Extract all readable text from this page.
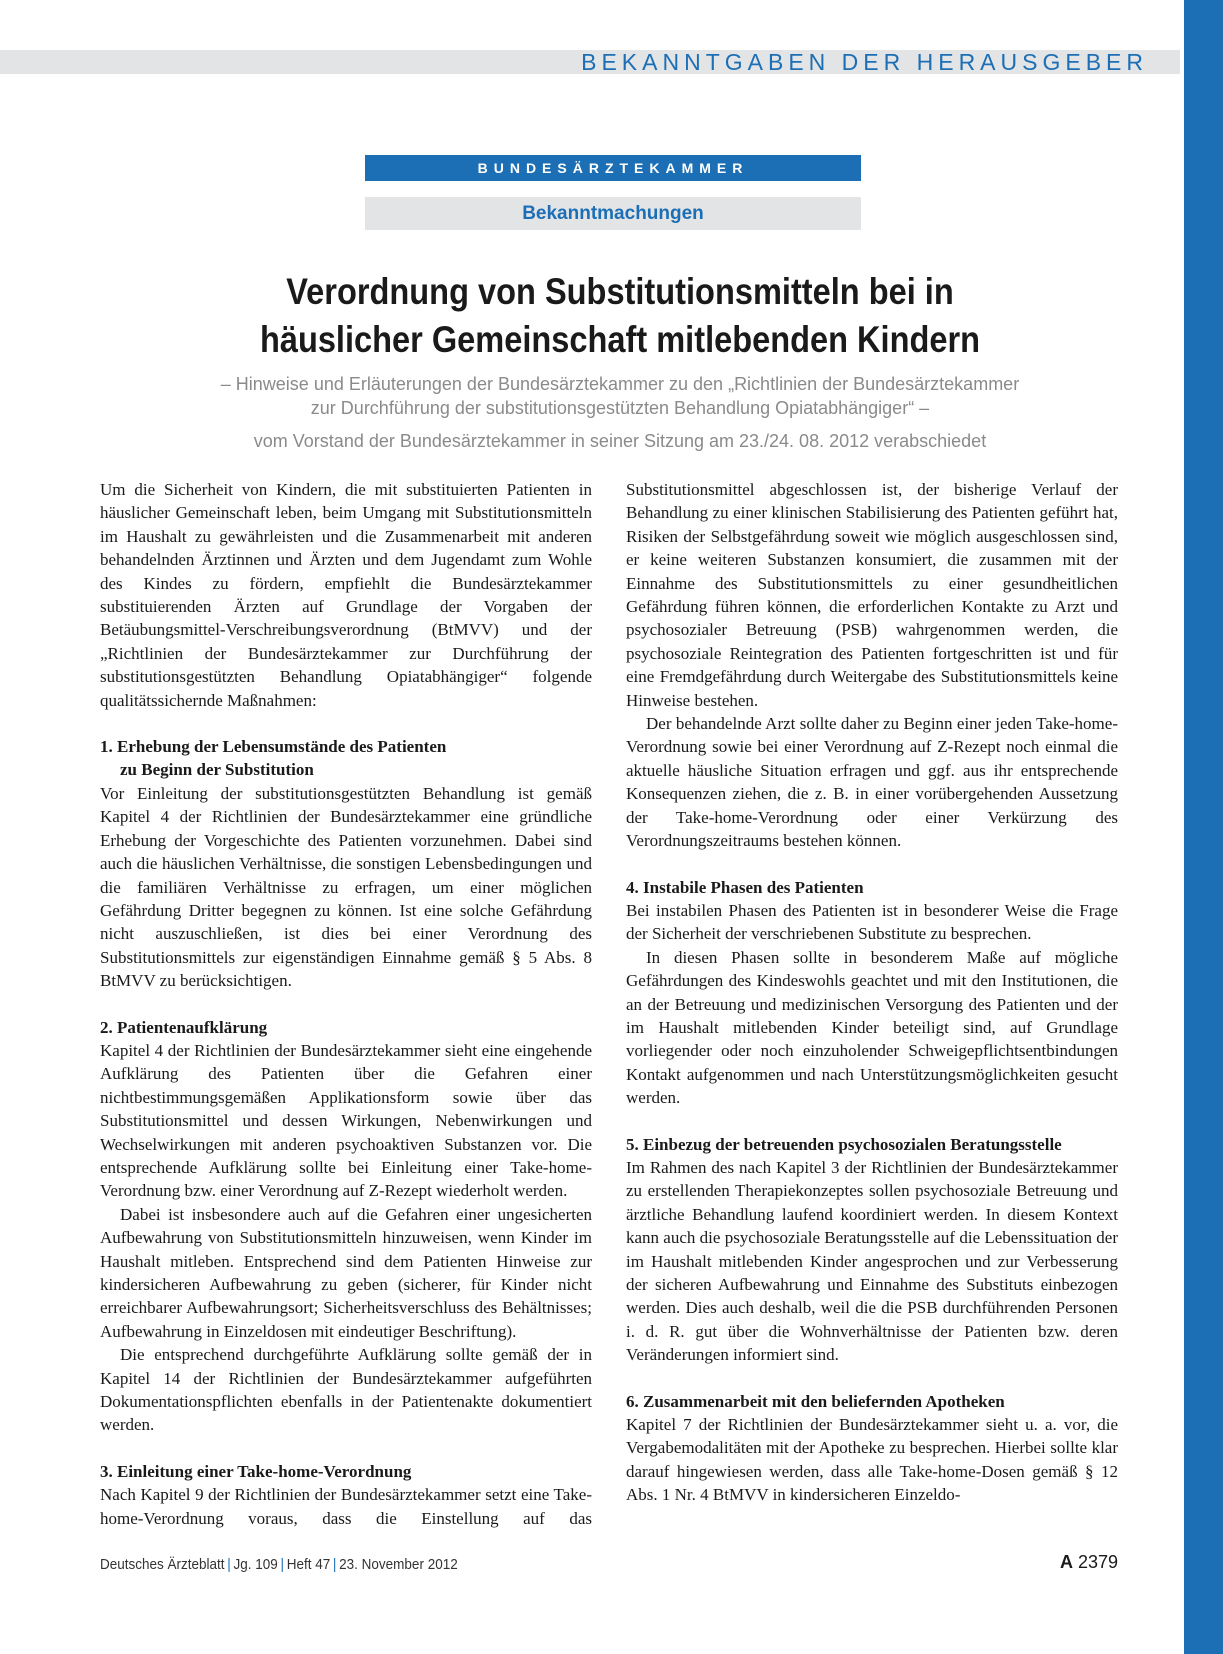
BEKANNTGABEN DER HERAUSGEBER
BUNDESÄRZTEKAMMER
Bekanntmachungen
Verordnung von Substitutionsmitteln bei in
häuslicher Gemeinschaft mitlebenden Kindern
– Hinweise und Erläuterungen der Bundesärztekammer zu den „Richtlinien der Bundesärztekammer
zur Durchführung der substitutionsgestützten Behandlung Opiatabhängiger“ –
vom Vorstand der Bundesärztekammer in seiner Sitzung am 23./24. 08. 2012 verabschiedet

Um die Sicherheit von Kindern, die mit substituierten Patienten in häuslicher Gemeinschaft leben, beim Umgang mit Substitutionsmitteln im Haushalt zu gewährleisten und die Zusammenarbeit mit anderen behandelnden Ärztinnen und Ärzten und dem Jugendamt zum Wohle des Kindes zu fördern, empfiehlt die Bundesärztekammer substituierenden Ärzten auf Grundlage der Vorgaben der Betäubungsmittel-Verschreibungsverordnung (BtMVV) und der „Richtlinien der Bundesärztekammer zur Durchführung der substitutionsgestützten Behandlung Opiatabhängiger“ folgende qualitätssichernde Maßnahmen:

1. Erhebung der Lebensumstände des Patienten
zu Beginn der Substitution

Vor Einleitung der substitutionsgestützten Behandlung ist gemäß Kapitel 4 der Richtlinien der Bundesärztekammer eine gründliche Erhebung der Vorgeschichte des Patienten vorzunehmen. Dabei sind auch die häuslichen Verhältnisse, die sonstigen Lebensbedingungen und die familiären Verhältnisse zu erfragen, um einer möglichen Gefährdung Dritter begegnen zu können. Ist eine solche Gefährdung nicht auszuschließen, ist dies bei einer Verordnung des Substitutionsmittels zur eigenständigen Einnahme gemäß § 5 Abs. 8 BtMVV zu berücksichtigen.

2. Patientenaufklärung

Kapitel 4 der Richtlinien der Bundesärztekammer sieht eine eingehende Aufklärung des Patienten über die Gefahren einer nichtbestimmungsgemäßen Applikationsform sowie über das Substitutionsmittel und dessen Wirkungen, Nebenwirkungen und Wechselwirkungen mit anderen psychoaktiven Substanzen vor. Die entsprechende Aufklärung sollte bei Einleitung einer Take-home-Verordnung bzw. einer Verordnung auf Z-Rezept wiederholt werden.

Dabei ist insbesondere auch auf die Gefahren einer ungesicherten Aufbewahrung von Substitutionsmitteln hinzuweisen, wenn Kinder im Haushalt mitleben. Entsprechend sind dem Patienten Hinweise zur kindersicheren Aufbewahrung zu geben (sicherer, für Kinder nicht erreichbarer Aufbewahrungsort; Sicherheitsverschluss des Behältnisses; Aufbewahrung in Einzeldosen mit eindeutiger Beschriftung).

Die entsprechend durchgeführte Aufklärung sollte gemäß der in Kapitel 14 der Richtlinien der Bundesärztekammer aufgeführten Dokumentationspflichten ebenfalls in der Patientenakte dokumentiert werden.

3. Einleitung einer Take-home-Verordnung

Nach Kapitel 9 der Richtlinien der Bundesärztekammer setzt eine Take-home-Verordnung voraus, dass die Einstellung auf das

Substitutionsmittel abgeschlossen ist, der bisherige Verlauf der Behandlung zu einer klinischen Stabilisierung des Patienten geführt hat, Risiken der Selbstgefährdung soweit wie möglich ausgeschlossen sind, er keine weiteren Substanzen konsumiert, die zusammen mit der Einnahme des Substitutionsmittels zu einer gesundheitlichen Gefährdung führen können, die erforderlichen Kontakte zu Arzt und psychosozialer Betreuung (PSB) wahrgenommen werden, die psychosoziale Reintegration des Patienten fortgeschritten ist und für eine Fremdgefährdung durch Weitergabe des Substitutionsmittels keine Hinweise bestehen.

Der behandelnde Arzt sollte daher zu Beginn einer jeden Take-home-Verordnung sowie bei einer Verordnung auf Z-Rezept noch einmal die aktuelle häusliche Situation erfragen und ggf. aus ihr entsprechende Konsequenzen ziehen, die z. B. in einer vorübergehenden Aussetzung der Take-home-Verordnung oder einer Verkürzung des Verordnungszeitraums bestehen können.

4. Instabile Phasen des Patienten

Bei instabilen Phasen des Patienten ist in besonderer Weise die Frage der Sicherheit der verschriebenen Substitute zu besprechen.

In diesen Phasen sollte in besonderem Maße auf mögliche Gefährdungen des Kindeswohls geachtet und mit den Institutionen, die an der Betreuung und medizinischen Versorgung des Patienten und der im Haushalt mitlebenden Kinder beteiligt sind, auf Grundlage vorliegender oder noch einzuholender Schweigepflichtsentbindungen Kontakt aufgenommen und nach Unterstützungsmöglichkeiten gesucht werden.

5. Einbezug der betreuenden psychosozialen Beratungsstelle

Im Rahmen des nach Kapitel 3 der Richtlinien der Bundesärztekammer zu erstellenden Therapiekonzeptes sollen psychosoziale Betreuung und ärztliche Behandlung laufend koordiniert werden. In diesem Kontext kann auch die psychosoziale Beratungsstelle auf die Lebenssituation der im Haushalt mitlebenden Kinder angesprochen und zur Verbesserung der sicheren Aufbewahrung und Einnahme des Substituts einbezogen werden. Dies auch deshalb, weil die die PSB durchführenden Personen i. d. R. gut über die Wohnverhältnisse der Patienten bzw. deren Veränderungen informiert sind.

6. Zusammenarbeit mit den beliefernden Apotheken

Kapitel 7 der Richtlinien der Bundesärztekammer sieht u. a. vor, die Vergabemodalitäten mit der Apotheke zu besprechen. Hierbei sollte klar darauf hingewiesen werden, dass alle Take-home-Dosen gemäß § 12 Abs. 1 Nr. 4 BtMVV in kindersicheren Einzeldo-

Deutsches Ärzteblatt | Jg. 109 | Heft 47 | 23. November 2012	A 2379
